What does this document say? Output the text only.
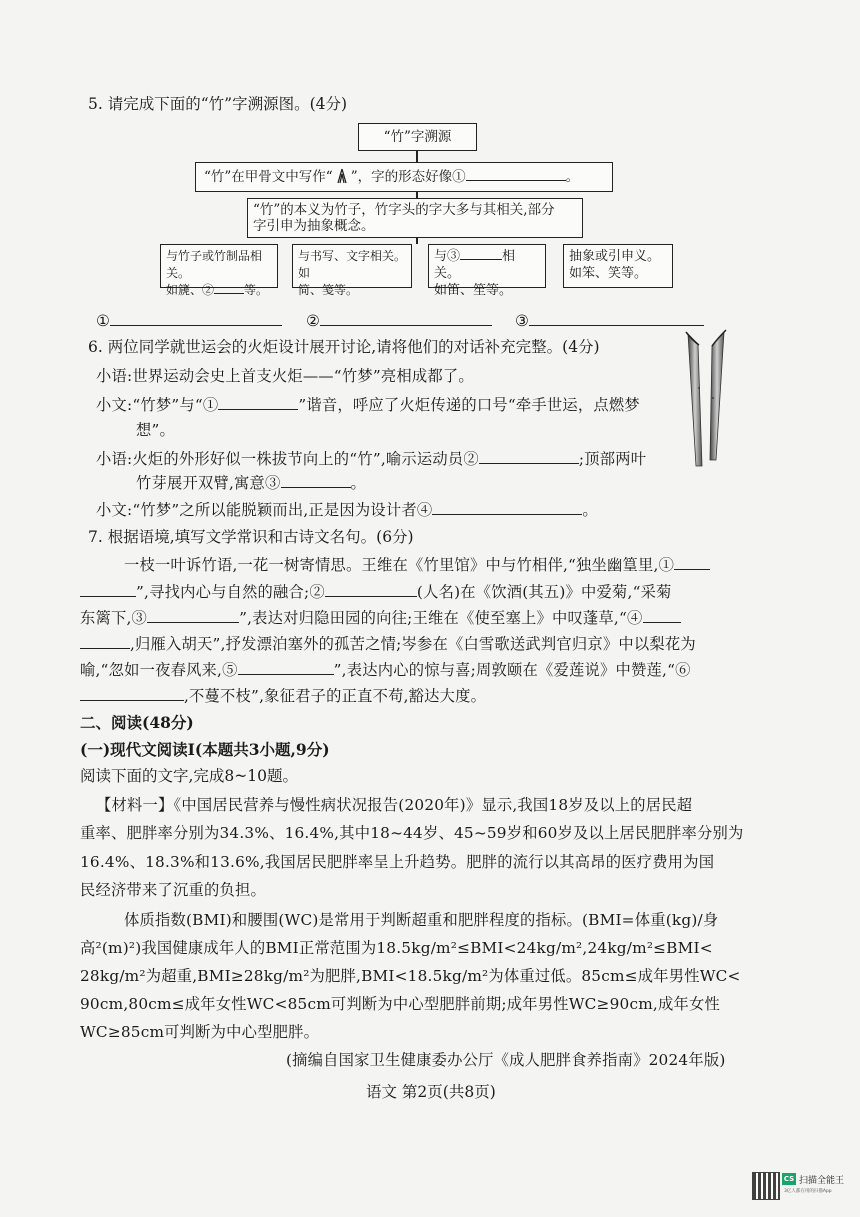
5. 请完成下面的“竹”字溯源图。(4分)
“竹”字溯源
“竹”在甲骨文中写作“ ”，字的形态好像①	。
“竹”的本义为竹子，竹字头的字大多与其相关,部分
字引申为抽象概念。
与竹子或竹制品相关。
如篪、②	等。
与书写、文字相关。如
简、笺等。
与③	相关。
如笛、笙等。
抽象或引申义。
如笨、笑等。
①	②	③
6. 两位同学就世运会的火炬设计展开讨论,请将他们的对话补充完整。(4分)
小语:世界运动会史上首支火炬——“竹梦”亮相成都了。
小文:“竹梦”与“①	”谐音，呼应了火炬传递的口号“牵手世运，点燃梦
想”。
小语:火炬的外形好似一株拔节向上的“竹”,喻示运动员②	;顶部两叶
竹芽展开双臂,寓意③	。
小文:“竹梦”之所以能脱颖而出,正是因为设计者④	。
7. 根据语境,填写文学常识和古诗文名句。(6分)
一枝一叶诉竹语,一花一树寄情思。王维在《竹里馆》中与竹相伴,“独坐幽篁里,①
”,寻找内心与自然的融合;②	(人名)在《饮酒(其五)》中爱菊,“采菊
东篱下,③	”,表达对归隐田园的向往;王维在《使至塞上》中叹蓬草,“④
,归雁入胡天”,抒发漂泊塞外的孤苦之情;岑参在《白雪歌送武判官归京》中以梨花为
喻,“忽如一夜春风来,⑤	”,表达内心的惊与喜;周敦颐在《爱莲说》中赞莲,“⑥
,不蔓不枝”,象征君子的正直不苟,豁达大度。
二、阅读(48分)
(一)现代文阅读Ⅰ(本题共3小题,9分)
阅读下面的文字,完成8~10题。
【材料一】《中国居民营养与慢性病状况报告(2020年)》显示,我国18岁及以上的居民超
重率、肥胖率分别为34.3%、16.4%,其中18~44岁、45~59岁和60岁及以上居民肥胖率分别为
16.4%、18.3%和13.6%,我国居民肥胖率呈上升趋势。肥胖的流行以其高昂的医疗费用为国
民经济带来了沉重的负担。
体质指数(BMI)和腰围(WC)是常用于判断超重和肥胖程度的指标。(BMI=体重(kg)/身
高²(m)²)我国健康成年人的BMI正常范围为18.5kg/m²≤BMI<24kg/m²,24kg/m²≤BMI<
28kg/m²为超重,BMI≥28kg/m²为肥胖,BMI<18.5kg/m²为体重过低。85cm≤成年男性WC<
90cm,80cm≤成年女性WC<85cm可判断为中心型肥胖前期;成年男性WC≥90cm,成年女性
WC≥85cm可判断为中心型肥胖。
(摘编自国家卫生健康委办公厅《成人肥胖食养指南》2024年版)
语文 第2页(共8页)
CS 扫描全能王
3亿人都在用的扫描App
